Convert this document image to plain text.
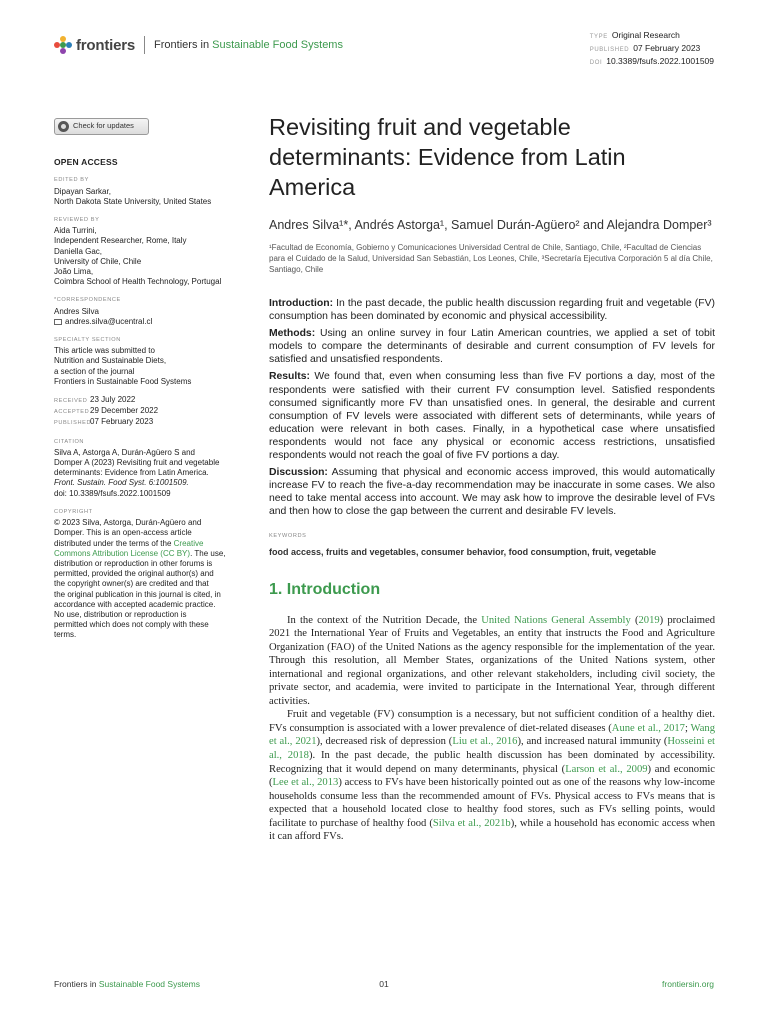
frontiers Frontiers in Sustainable Food Systems
TYPE Original Research
PUBLISHED 07 February 2023
DOI 10.3389/fsufs.2022.1001509
Check for updates
OPEN ACCESS
EDITED BY
Dipayan Sarkar,
North Dakota State University, United States
REVIEWED BY
Aida Turrini,
Independent Researcher, Rome, Italy
Daniella Gac,
University of Chile, Chile
João Lima,
Coimbra School of Health Technology, Portugal
*CORRESPONDENCE
Andres Silva
andres.silva@ucentral.cl
SPECIALTY SECTION
This article was submitted to
Nutrition and Sustainable Diets,
a section of the journal
Frontiers in Sustainable Food Systems
RECEIVED 23 July 2022
ACCEPTED29 December 2022
PUBLISHED07 February 2023
CITATION
Silva A, Astorga A, Durán-Agüero S and
Domper A (2023) Revisiting fruit and vegetable
determinants: Evidence from Latin America.
Front. Sustain. Food Syst. 6:1001509.
doi: 10.3389/fsufs.2022.1001509
COPYRIGHT
© 2023 Silva, Astorga, Durán-Agüero and
Domper. This is an open-access article
distributed under the terms of the Creative
Commons Attribution License (CC BY). The use,
distribution or reproduction in other forums is
permitted, provided the original author(s) and
the copyright owner(s) are credited and that
the original publication in this journal is cited, in
accordance with accepted academic practice.
No use, distribution or reproduction is
permitted which does not comply with these
terms.
Revisiting fruit and vegetable determinants: Evidence from Latin America
Andres Silva¹*, Andrés Astorga¹, Samuel Durán-Agüero² and Alejandra Domper³
¹Facultad de Economía, Gobierno y Comunicaciones Universidad Central de Chile, Santiago, Chile, ²Facultad de Ciencias para el Cuidado de la Salud, Universidad San Sebastián, Los Leones, Chile, ³Secretaría Ejecutiva Corporación 5 al día Chile, Santiago, Chile

Introduction: In the past decade, the public health discussion regarding fruit and vegetable (FV) consumption has been dominated by economic and physical accessibility.

Methods: Using an online survey in four Latin American countries, we applied a set of tobit models to compare the determinants of desirable and current consumption of FV levels for satisfied and unsatisfied respondents.

Results: We found that, even when consuming less than five FV portions a day, most of the respondents were satisfied with their current FV consumption level. Satisfied respondents consumed significantly more FV than unsatisfied ones. In general, the desirable and current consumption of FV levels were associated with different sets of determinants, while years of education were relevant in both cases. Finally, in a hypothetical case where unsatisfied respondents would not face any physical or economic access restrictions, unsatisfied respondents would not reach the goal of five FV portions a day.

Discussion: Assuming that physical and economic access improved, this would automatically increase FV to reach the five-a-day recommendation may be inaccurate in some cases. We also need to take mental access into account. We may ask how to improve the desirable level of FVs and then how to close the gap between the current and desirable FV levels.

KEYWORDS
food access, fruits and vegetables, consumer behavior, food consumption, fruit, vegetable
1. Introduction

In the context of the Nutrition Decade, the United Nations General Assembly (2019) proclaimed 2021 the International Year of Fruits and Vegetables, an entity that instructs the Food and Agriculture Organization (FAO) of the United Nations as the agency responsible for the implementation of the year. Through this resolution, all Member States, organizations of the United Nations system, other international and regional organizations, and other relevant stakeholders, including civil society, the private sector, and academia, were invited to participate in the International Year, through different activities.

Fruit and vegetable (FV) consumption is a necessary, but not sufficient condition of a healthy diet. FVs consumption is associated with a lower prevalence of diet-related diseases (Aune et al., 2017; Wang et al., 2021), decreased risk of depression (Liu et al., 2016), and increased natural immunity (Hosseini et al., 2018). In the past decade, the public health discussion has been dominated by accessibility. Recognizing that it would depend on many determinants, physical (Larson et al., 2009) and economic (Lee et al., 2013) access to FVs have been historically pointed out as one of the reasons why low-income households consume less than the recommended amount of FVs. Physical access to FVs means that is expected that a household located close to healthy food stores, such as FVs selling points, would facilitate to purchase of healthy food (Silva et al., 2021b), while a household has economic access when it can afford FVs.

01
Frontiers in Sustainable Food Systems	frontiersin.org
